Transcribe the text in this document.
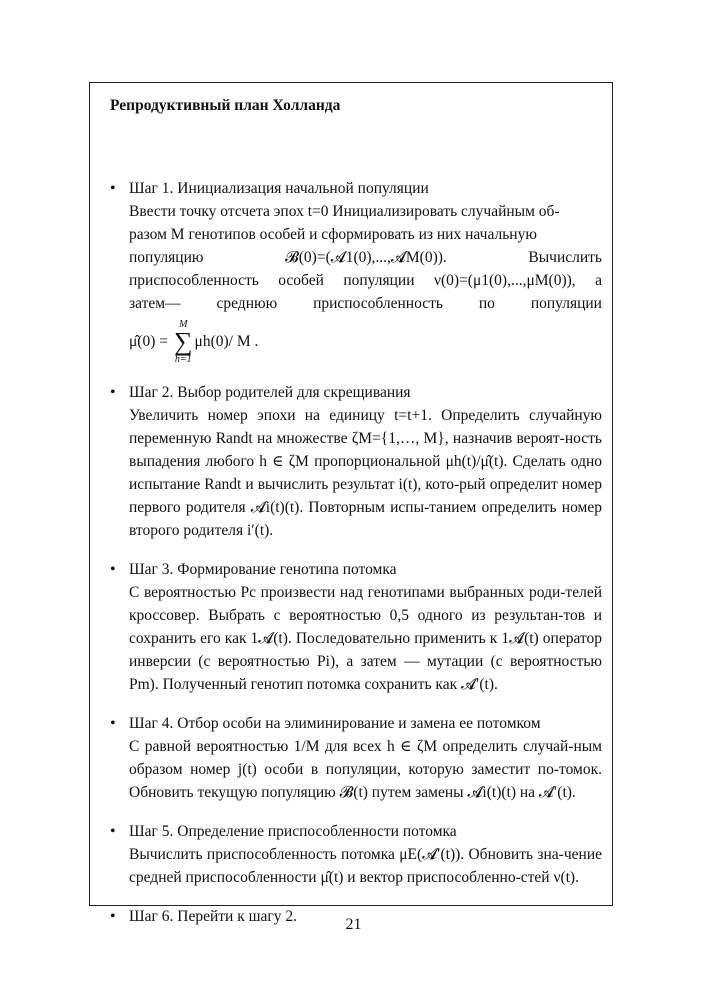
Репродуктивный план Холланда
• Шаг 1. Инициализация начальной популяции
Ввести точку отсчета эпох t=0 Инициализировать случайным об-
разом M генотипов особей и сформировать из них начальную
популяцию	𝓑(0)=(𝓐1(0),...,𝓐M(0)).	Вычислить
приспособленность особей популяции ν(0)=(μ1(0),...,μM(0)), а
затем— среднюю приспособленность по популяции
μ̂(0) =
M
∑
h=1
μh(0)/ M .
• Шаг 2. Выбор родителей для скрещивания
Увеличить номер эпохи на единицу t=t+1. Определить случайную переменную Randt на множестве ζM={1,…, M}, назначив вероят-ность выпадения любого h ∈ ζM пропорциональной μh(t)/μ̂(t). Сделать одно испытание Randt и вычислить результат i(t), кото-рый определит номер первого родителя 𝓐i(t)(t). Повторным испы-танием определить номер второго родителя i′(t).
• Шаг 3. Формирование генотипа потомка
С вероятностью Pc произвести над генотипами выбранных роди-телей кроссовер. Выбрать с вероятностью 0,5 одного из результан-тов и сохранить его как 1𝓐(t). Последовательно применить к 1𝓐(t) оператор инверсии (с вероятностью Pi), а затем — мутации (с вероятностью Pm). Полученный генотип потомка сохранить как 𝓐′(t).
• Шаг 4. Отбор особи на элиминирование и замена ее потомком
С равной вероятностью 1/M для всех h ∈ ζM определить случай-ным образом номер j(t) особи в популяции, которую заместит по-томок. Обновить текущую популяцию 𝓑(t) путем замены 𝓐i(t)(t) на 𝓐′(t).
• Шаг 5. Определение приспособленности потомка
Вычислить приспособленность потомка μE(𝓐′(t)). Обновить зна-чение средней приспособленности μ̂(t) и вектор приспособленно-стей ν(t).
• Шаг 6. Перейти к шагу 2.	21
